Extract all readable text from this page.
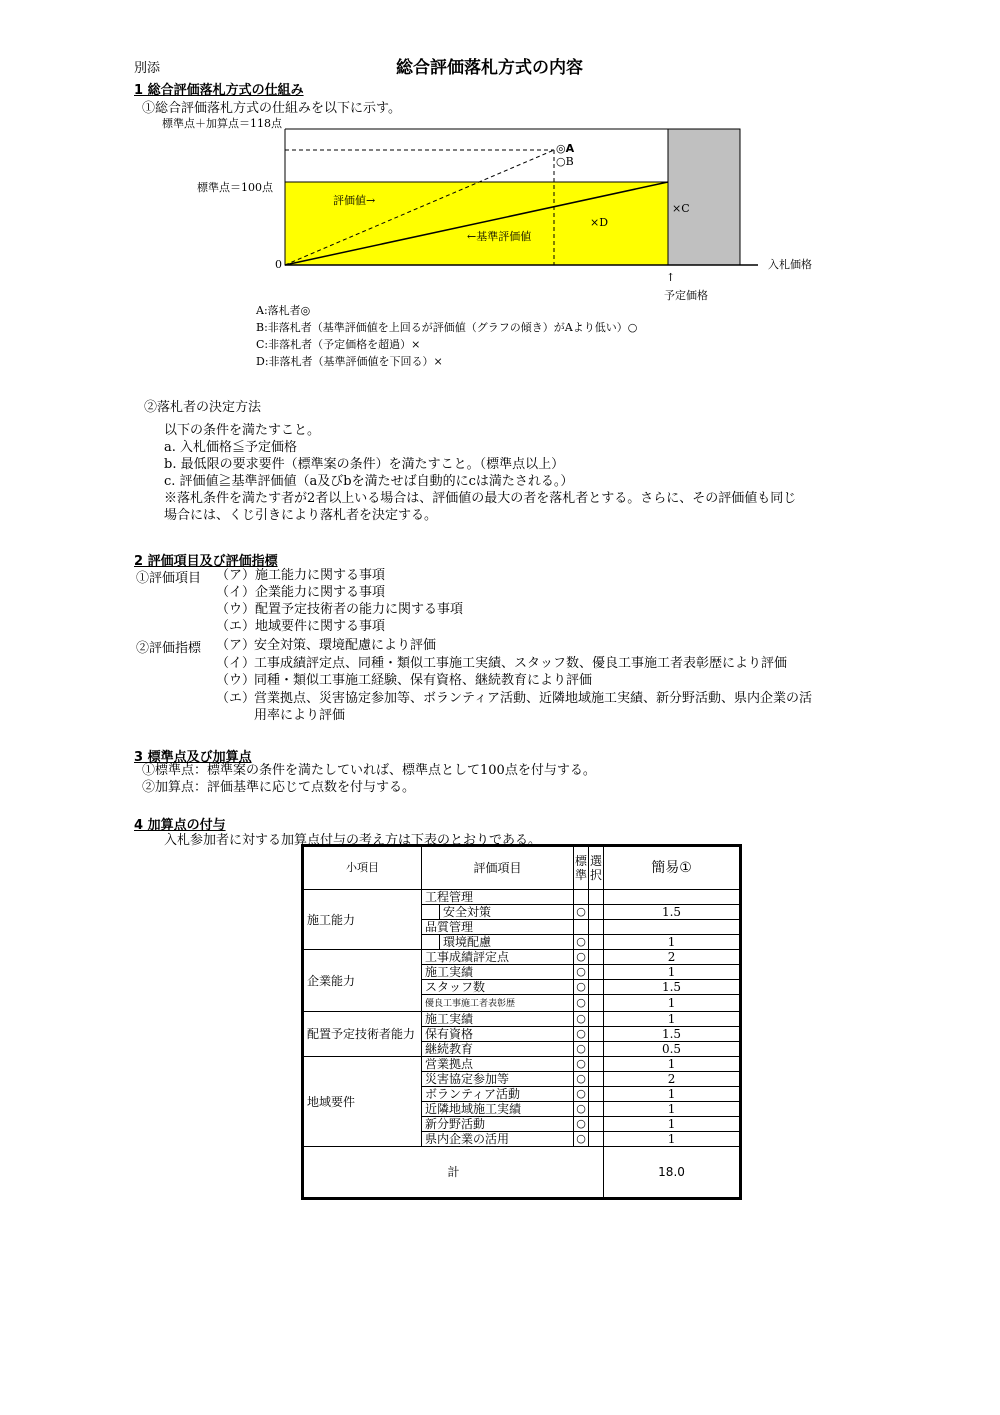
別添	総合評価落札方式の内容
1 総合評価落札方式の仕組み
①総合評価落札方式の仕組みを以下に示す。
標準点＋加算点＝118点
標準点＝100点
0	入札価格
評価値→
←基準評価値
◎A
○B
×C
×D
↑
予定価格
A:落札者◎
B:非落札者（基準評価値を上回るが評価値（グラフの傾き）がAより低い）○
C:非落札者（予定価格を超過）×
D:非落札者（基準評価値を下回る）×
②落札者の決定方法
以下の条件を満たすこと。
a. 入札価格≦予定価格
b. 最低限の要求要件（標準案の条件）を満たすこと。（標準点以上）
c. 評価値≧基準評価値（a及びbを満たせば自動的にcは満たされる。）
※落札条件を満たす者が2者以上いる場合は、評価値の最大の者を落札者とする。さらに、その評価値も同じ
場合には、くじ引きにより落札者を決定する。
2 評価項目及び評価指標
①評価項目 （ア）施工能力に関する事項
（イ）企業能力に関する事項
（ウ）配置予定技術者の能力に関する事項
（エ）地域要件に関する事項
②評価指標 （ア）安全対策、環境配慮により評価
（イ）工事成績評定点、同種・類似工事施工実績、スタッフ数、優良工事施工者表彰歴により評価
（ウ）同種・類似工事施工経験、保有資格、継続教育により評価
（エ）営業拠点、災害協定参加等、ボランティア活動、近隣地域施工実績、新分野活動、県内企業の活
用率により評価
3 標準点及び加算点
①標準点：標準案の条件を満たしていれば、標準点として100点を付与する。
②加算点：評価基準に応じて点数を付与する。
4 加算点の付与
入札参加者に対する加算点付与の考え方は下表のとおりである。
小項目	評価項目	標準	選択	簡易①
施工能力	工程管理			
	安全対策	○		1.5
	品質管理			
	環境配慮	○		1
企業能力	工事成績評定点	○		2
	施工実績	○		1
	スタッフ数	○		1.5
	優良工事施工者表彰歴	○		1
配置予定技術者能力	施工実績	○		1
	保有資格	○		1.5
	継続教育	○		0.5
地域要件	営業拠点	○		1
	災害協定参加等	○		2
	ボランティア活動	○		1
	近隣地域施工実績	○		1
	新分野活動	○		1
	県内企業の活用	○		1
計				18.0
